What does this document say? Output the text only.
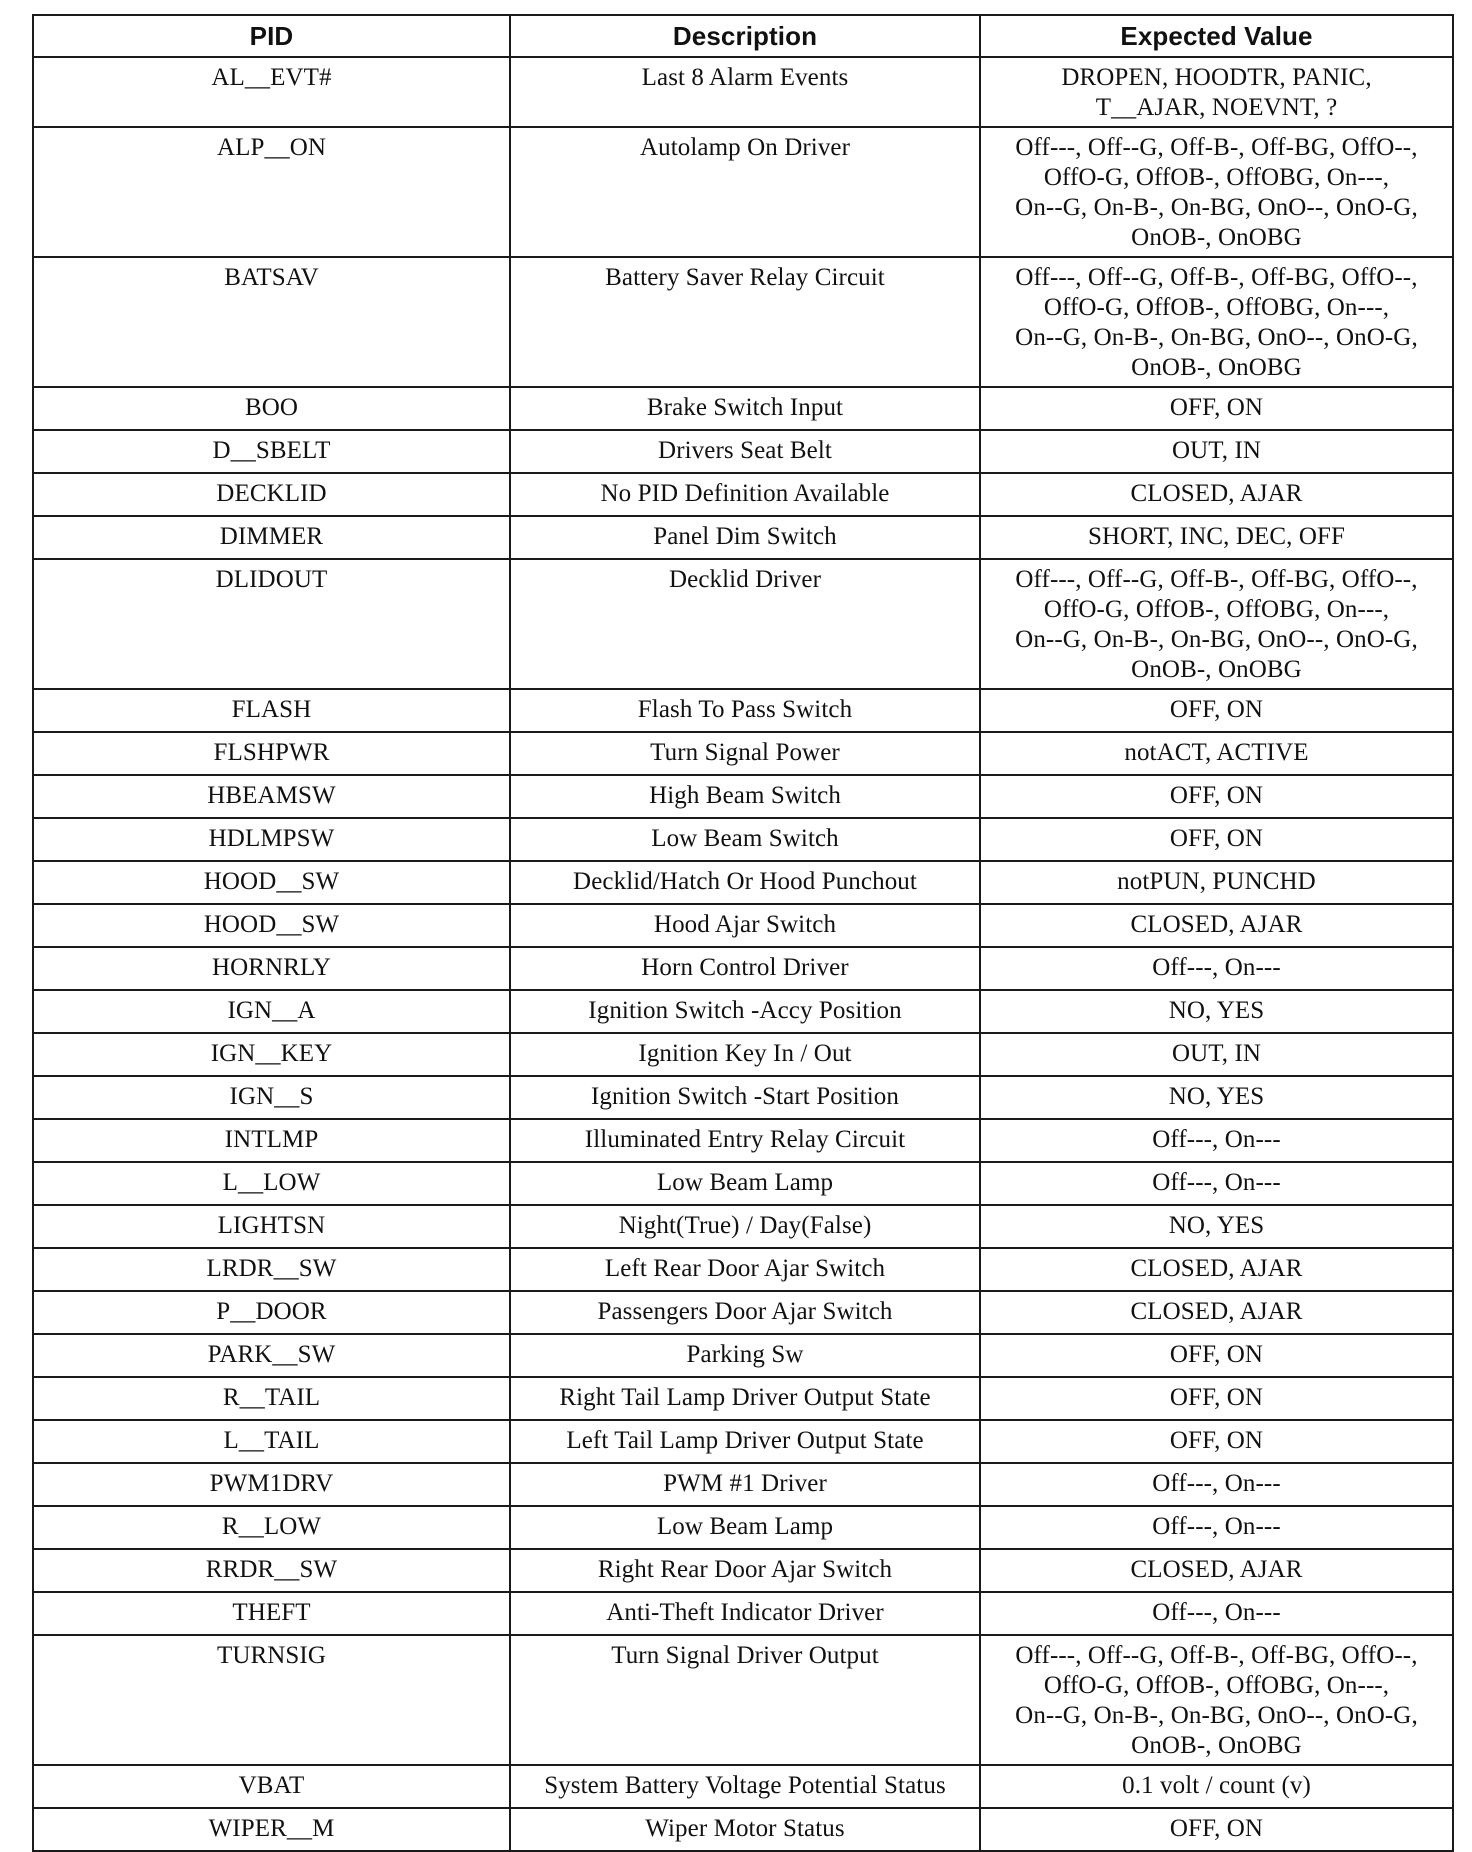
PID	Description	Expected Value
AL__EVT#	Last 8 Alarm Events	DROPEN, HOODTR, PANIC,
T__AJAR, NOEVNT, ?
ALP__ON	Autolamp On Driver	Off---, Off--G, Off-B-, Off-BG, OffO--,
OffO-G, OffOB-, OffOBG, On---,
On--G, On-B-, On-BG, OnO--, OnO-G,
OnOB-, OnOBG
BATSAV	Battery Saver Relay Circuit	Off---, Off--G, Off-B-, Off-BG, OffO--,
OffO-G, OffOB-, OffOBG, On---,
On--G, On-B-, On-BG, OnO--, OnO-G,
OnOB-, OnOBG
BOO	Brake Switch Input	OFF, ON
D__SBELT	Drivers Seat Belt	OUT, IN
DECKLID	No PID Definition Available	CLOSED, AJAR
DIMMER	Panel Dim Switch	SHORT, INC, DEC, OFF
DLIDOUT	Decklid Driver	Off---, Off--G, Off-B-, Off-BG, OffO--,
OffO-G, OffOB-, OffOBG, On---,
On--G, On-B-, On-BG, OnO--, OnO-G,
OnOB-, OnOBG
FLASH	Flash To Pass Switch	OFF, ON
FLSHPWR	Turn Signal Power	notACT, ACTIVE
HBEAMSW	High Beam Switch	OFF, ON
HDLMPSW	Low Beam Switch	OFF, ON
HOOD__SW	Decklid/Hatch Or Hood Punchout	notPUN, PUNCHD
HOOD__SW	Hood Ajar Switch	CLOSED, AJAR
HORNRLY	Horn Control Driver	Off---, On---
IGN__A	Ignition Switch -Accy Position	NO, YES
IGN__KEY	Ignition Key In / Out	OUT, IN
IGN__S	Ignition Switch -Start Position	NO, YES
INTLMP	Illuminated Entry Relay Circuit	Off---, On---
L__LOW	Low Beam Lamp	Off---, On---
LIGHTSN	Night(True) / Day(False)	NO, YES
LRDR__SW	Left Rear Door Ajar Switch	CLOSED, AJAR
P__DOOR	Passengers Door Ajar Switch	CLOSED, AJAR
PARK__SW	Parking Sw	OFF, ON
R__TAIL	Right Tail Lamp Driver Output State	OFF, ON
L__TAIL	Left Tail Lamp Driver Output State	OFF, ON
PWM1DRV	PWM #1 Driver	Off---, On---
R__LOW	Low Beam Lamp	Off---, On---
RRDR__SW	Right Rear Door Ajar Switch	CLOSED, AJAR
THEFT	Anti-Theft Indicator Driver	Off---, On---
TURNSIG	Turn Signal Driver Output	Off---, Off--G, Off-B-, Off-BG, OffO--,
OffO-G, OffOB-, OffOBG, On---,
On--G, On-B-, On-BG, OnO--, OnO-G,
OnOB-, OnOBG
VBAT	System Battery Voltage Potential Status	0.1 volt / count (v)
WIPER__M	Wiper Motor Status	OFF, ON
